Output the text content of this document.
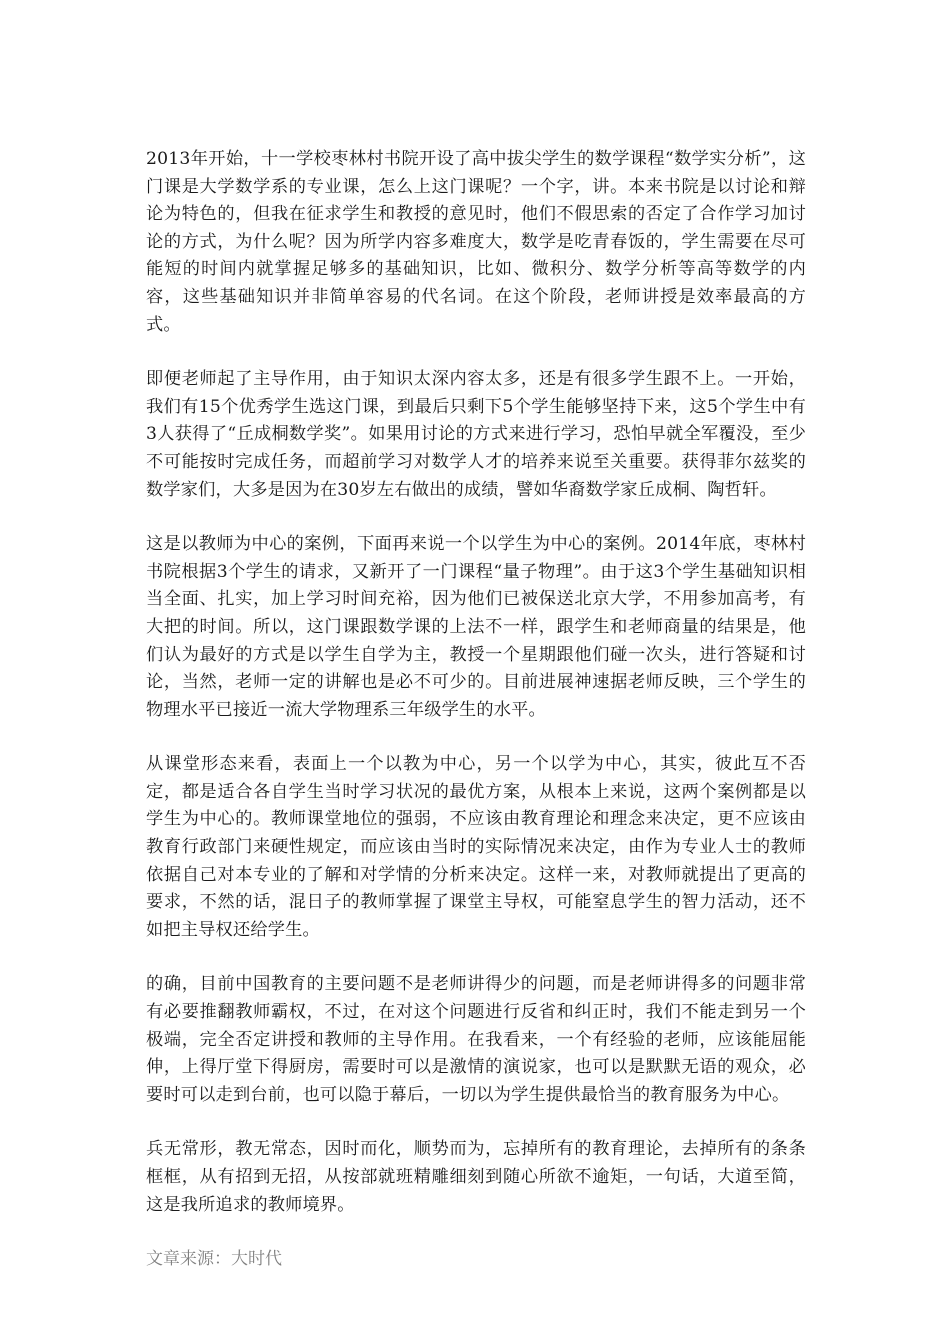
2013年开始，十一学校枣林村书院开设了高中拔尖学生的数学课程“数学实分析”，这门课是大学数学系的专业课，怎么上这门课呢？一个字，讲。本来书院是以讨论和辩论为特色的，但我在征求学生和教授的意见时，他们不假思索的否定了合作学习加讨论的方式，为什么呢？因为所学内容多难度大，数学是吃青春饭的，学生需要在尽可能短的时间内就掌握足够多的基础知识，比如、微积分、数学分析等高等数学的内容，这些基础知识并非简单容易的代名词。在这个阶段，老师讲授是效率最高的方式。

即便老师起了主导作用，由于知识太深内容太多，还是有很多学生跟不上。一开始，我们有15个优秀学生选这门课，到最后只剩下5个学生能够坚持下来，这5个学生中有3人获得了“丘成桐数学奖”。如果用讨论的方式来进行学习，恐怕早就全军覆没，至少不可能按时完成任务，而超前学习对数学人才的培养来说至关重要。获得菲尔兹奖的数学家们，大多是因为在30岁左右做出的成绩，譬如华裔数学家丘成桐、陶哲轩。

这是以教师为中心的案例，下面再来说一个以学生为中心的案例。2014年底，枣林村书院根据3个学生的请求，又新开了一门课程“量子物理”。由于这3个学生基础知识相当全面、扎实，加上学习时间充裕，因为他们已被保送北京大学，不用参加高考，有大把的时间。所以，这门课跟数学课的上法不一样，跟学生和老师商量的结果是，他们认为最好的方式是以学生自学为主，教授一个星期跟他们碰一次头，进行答疑和讨论，当然，老师一定的讲解也是必不可少的。目前进展神速据老师反映，三个学生的物理水平已接近一流大学物理系三年级学生的水平。

从课堂形态来看，表面上一个以教为中心，另一个以学为中心，其实，彼此互不否定，都是适合各自学生当时学习状况的最优方案，从根本上来说，这两个案例都是以学生为中心的。教师课堂地位的强弱，不应该由教育理论和理念来决定，更不应该由教育行政部门来硬性规定，而应该由当时的实际情况来决定，由作为专业人士的教师依据自己对本专业的了解和对学情的分析来决定。这样一来，对教师就提出了更高的要求，不然的话，混日子的教师掌握了课堂主导权，可能窒息学生的智力活动，还不如把主导权还给学生。

的确，目前中国教育的主要问题不是老师讲得少的问题，而是老师讲得多的问题非常有必要推翻教师霸权，不过，在对这个问题进行反省和纠正时，我们不能走到另一个极端，完全否定讲授和教师的主导作用。在我看来，一个有经验的老师，应该能屈能伸，上得厅堂下得厨房，需要时可以是激情的演说家，也可以是默默无语的观众，必要时可以走到台前，也可以隐于幕后，一切以为学生提供最恰当的教育服务为中心。

兵无常形，教无常态，因时而化，顺势而为，忘掉所有的教育理论，去掉所有的条条框框，从有招到无招，从按部就班精雕细刻到随心所欲不逾矩，一句话，大道至简，这是我所追求的教师境界。

文章来源：大时代
